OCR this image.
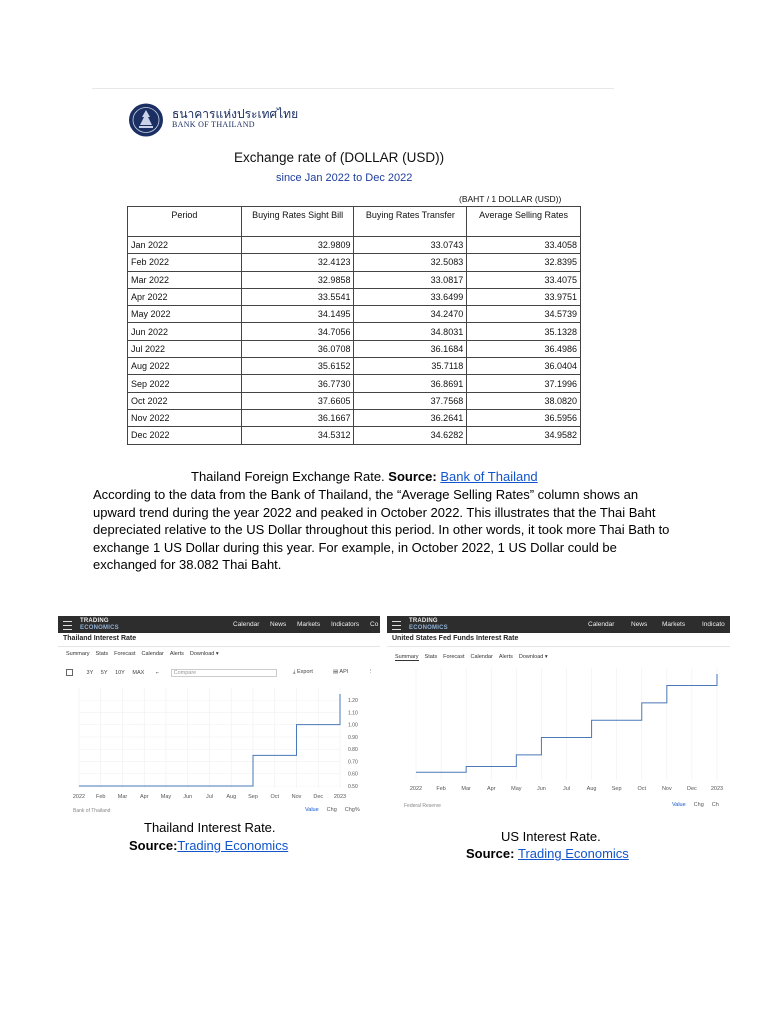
ธนาคารแห่งประเทศไทย
BANK OF THAILAND
Exchange rate of (DOLLAR (USD))
since Jan 2022 to Dec 2022
(BAHT / 1 DOLLAR (USD))
Period	Buying Rates Sight Bill	Buying Rates Transfer	Average Selling Rates
Jan 2022	32.9809	33.0743	33.4058
Feb 2022	32.4123	32.5083	32.8395
Mar 2022	32.9858	33.0817	33.4075
Apr 2022	33.5541	33.6499	33.9751
May 2022	34.1495	34.2470	34.5739
Jun 2022	34.7056	34.8031	35.1328
Jul 2022	36.0708	36.1684	36.4986
Aug 2022	35.6152	35.7118	36.0404
Sep 2022	36.7730	36.8691	37.1996
Oct 2022	37.6605	37.7568	38.0820
Nov 2022	36.1667	36.2641	36.5956
Dec 2022	34.5312	34.6282	34.9582
Thailand Foreign Exchange Rate. Source: Bank of Thailand
According to the data from the Bank of Thailand, the “Average Selling Rates” column shows an upward trend during the year 2022 and peaked in October 2022. This illustrates that the Thai Baht depreciated relative to the US Dollar throughout this period. In other words, it took more Thai Bath to exchange 1 US Dollar during this year. For example, in October 2022, 1 US Dollar could be exchanged for 38.082 Thai Baht.
TRADING
ECONOMICS	Calendar News Markets Indicators Co
Thailand Interest Rate
Summary Stats Forecast Calendar Alerts Download ▾
3Y 5Y 10Y MAX ⌐	Compare	⤓ Export	▤ API	⋮
2022 Feb Mar Apr May Jun	Jul Aug Sep Oct Nov Dec 2023
1.20
1.10
1.00
0.90
0.80
0.70
0.60
0.50
Bank of Thailand	Value Chg Chg%
TRADING
ECONOMICS	Calendar	News Markets	Indicato
United States Fed Funds Interest Rate
Summary Stats Forecast Calendar Alerts Download ▾
2022	Feb	Mar	Apr	May	Jun	Jul	Aug	Sep	Oct	Nov	Dec	2023
Federal Reserve	Value Chg Ch
Thailand Interest Rate.
Source:Trading Economics
US Interest Rate.
Source: Trading Economics
